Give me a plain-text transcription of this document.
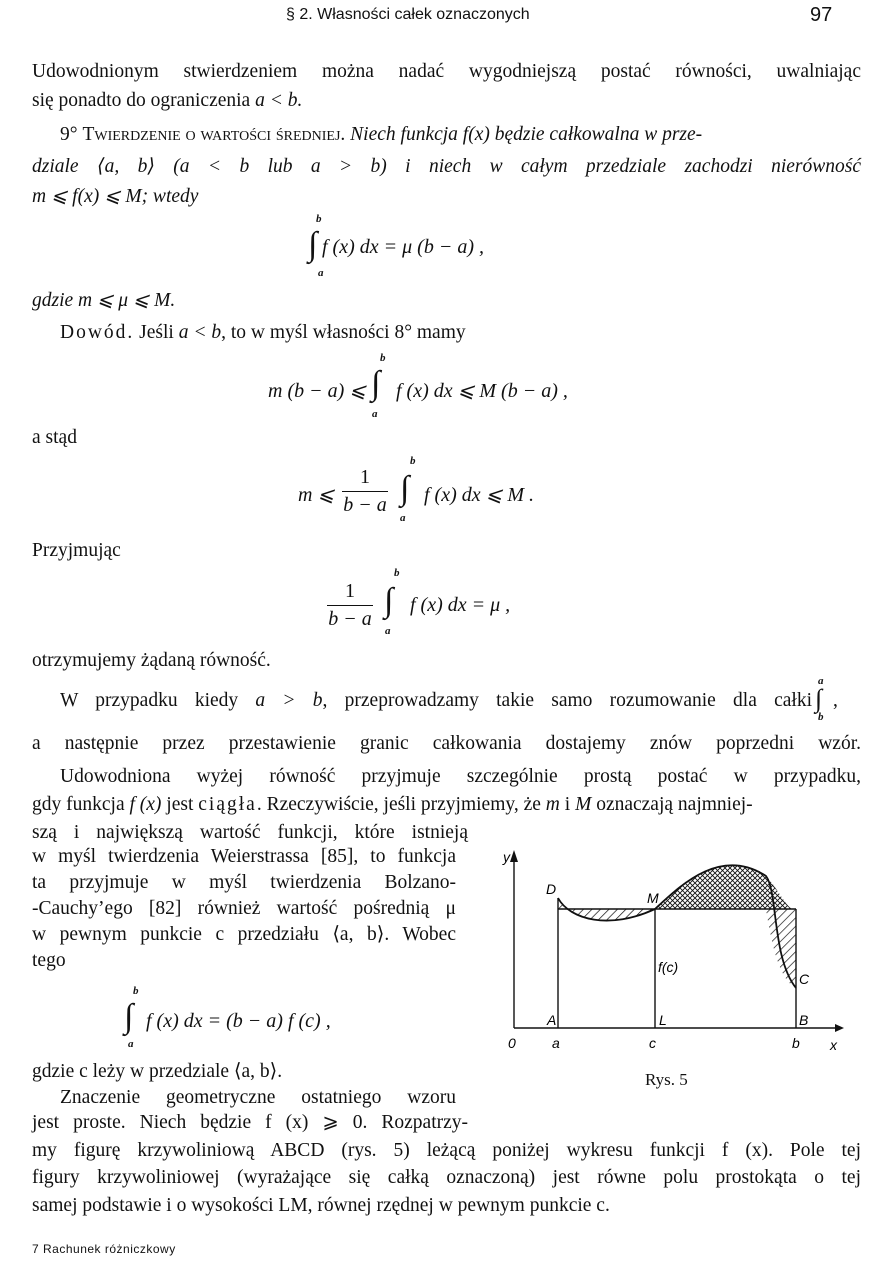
§ 2. Własności całek oznaczonych	97
Udowodnionym stwierdzeniem można nadać wygodniejszą postać równości, uwalniając
się ponadto do ograniczenia a < b.
9° Twierdzenie o wartości średniej. Niech funkcja f(x) będzie całkowalna w prze-
dziale ⟨a, b⟩ (a < b lub a > b) i niech w całym przedziale zachodzi nierówność
m ⩽ f(x) ⩽ M; wtedy
b
∫ f (x) dx = μ (b − a) ,
a
gdzie m ⩽ μ ⩽ M.
Dowód. Jeśli a < b, to w myśl własności 8° mamy
m (b − a) ⩽
b
∫
a
f (x) dx ⩽ M (b − a) ,
a stąd
m ⩽
1
b − a
b
∫
a
f (x) dx ⩽ M .
Przyjmując
1
b − a
b
∫
a
f (x) dx = μ ,
otrzymujemy żądaną równość.
W przypadku kiedy a > b, przeprowadzamy takie samo rozumowanie dla całki
a
∫
b
,
a następnie przez przestawienie granic całkowania dostajemy znów poprzedni wzór.
Udowodniona wyżej równość przyjmuje szczególnie prostą postać w przypadku,
gdy funkcja f (x) jest ciągła. Rzeczywiście, jeśli przyjmiemy, że m i M oznaczają najmniej-
szą i największą wartość funkcji, które istnieją
w myśl twierdzenia Weierstrassa [85], to funkcja
ta przyjmuje w myśl twierdzenia Bolzano-
-Cauchy’ego [82] również wartość pośrednią μ
w pewnym punkcie c przedziału ⟨a, b⟩. Wobec
tego
b
∫
a
f (x) dx = (b − a) f (c) ,
gdzie c leży w przedziale ⟨a, b⟩.
Znaczenie geometryczne ostatniego wzoru
jest proste. Niech będzie f (x) ⩾ 0. Rozpatrzy-
my figurę krzywoliniową ABCD (rys. 5) leżącą poniżej wykresu funkcji f (x). Pole tej
figury krzywoliniowej (wyrażające się całką oznaczoną) jest równe polu prostokąta o tej
samej podstawie i o wysokości LM, równej rzędnej w pewnym punkcie c.
y
x
0
D
M
f(c)
C
A	L	B
a	c	b
Rys. 5
7 Rachunek różniczkowy
